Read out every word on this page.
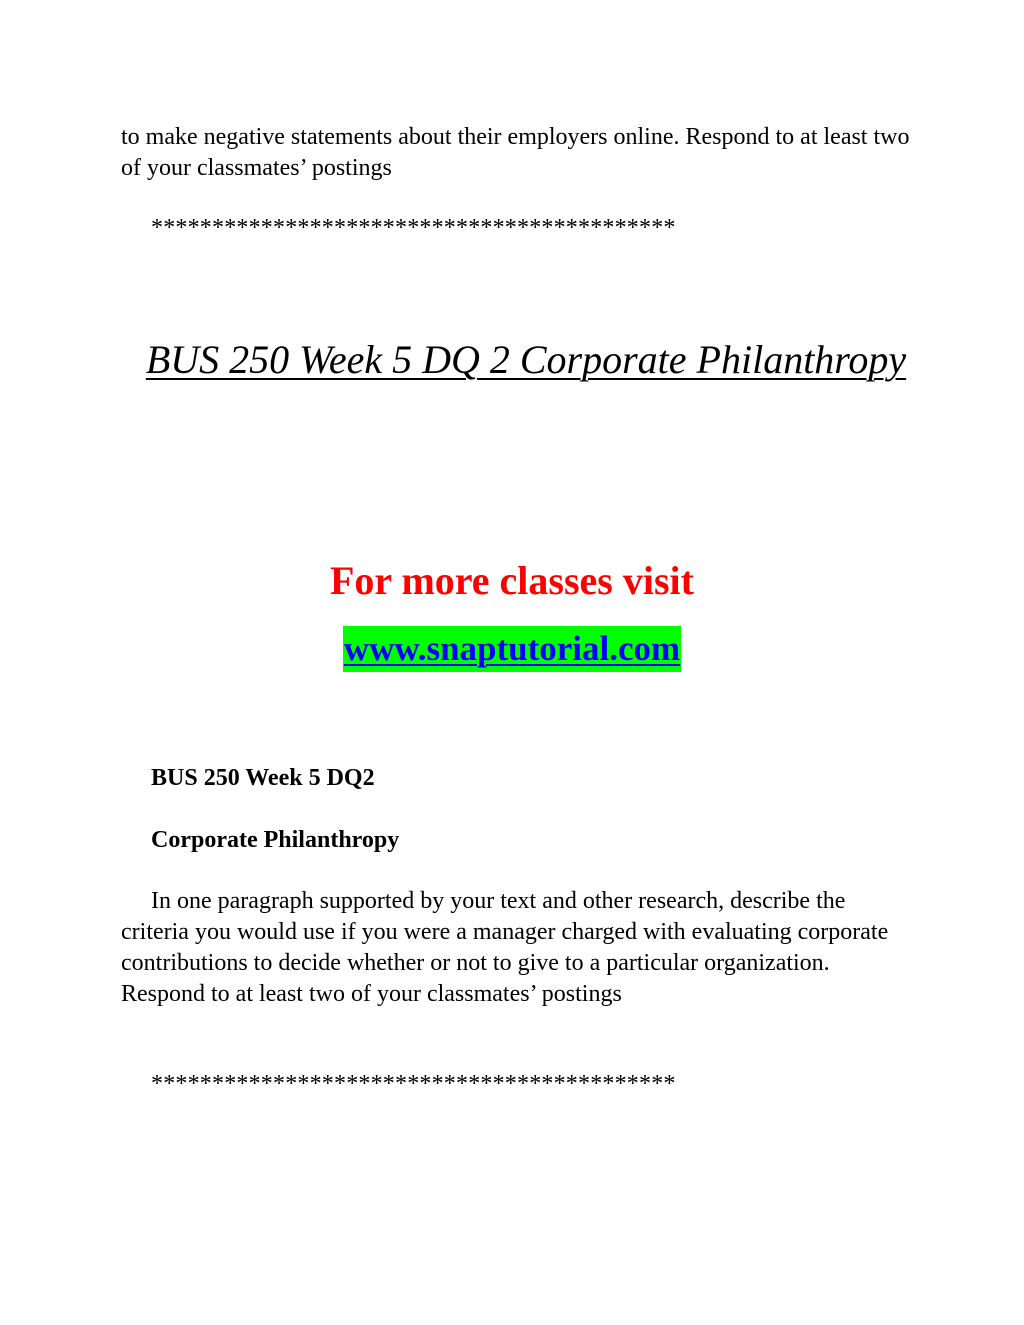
to make negative statements about their employers online. Respond to at least two of your classmates’ postings
*******************************************
BUS 250 Week 5 DQ 2 Corporate Philanthropy
For more classes visit
www.snaptutorial.com
BUS 250 Week 5 DQ2
Corporate Philanthropy
In one paragraph supported by your text and other research, describe the criteria you would use if you were a manager charged with evaluating corporate contributions to decide whether or not to give to a particular organization. Respond to at least two of your classmates’ postings
*******************************************
